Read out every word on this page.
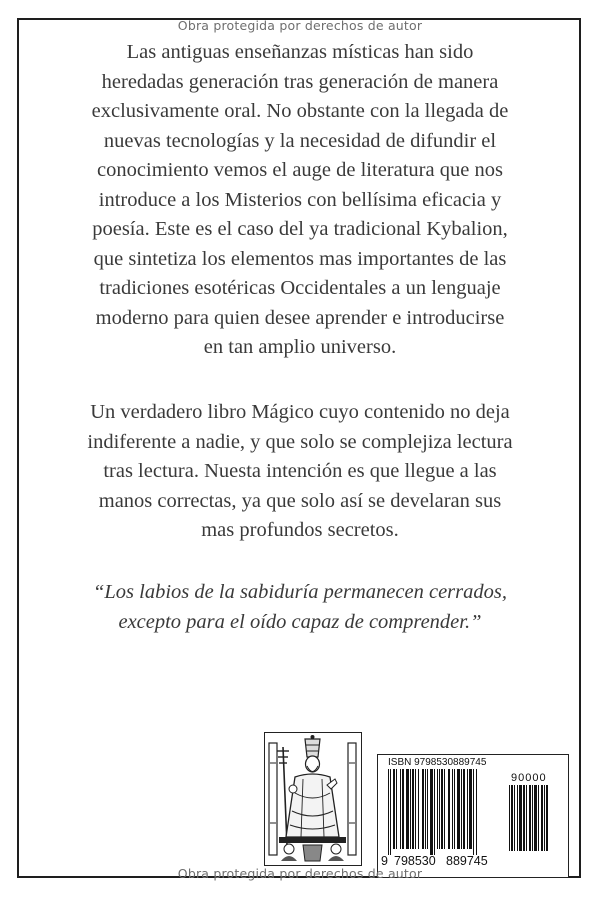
Obra protegida por derechos de autor
Las antiguas enseñanzas místicas han sido
heredadas generación tras generación de manera
exclusivamente oral. No obstante con la llegada de
nuevas tecnologías y la necesidad de difundir el
conocimiento vemos el auge de literatura que nos
introduce a los Misterios con bellísima eficacia y
poesía. Este es el caso del ya tradicional Kybalion,
que sintetiza los elementos mas importantes de las
tradiciones esotéricas Occidentales a un lenguaje
moderno para quien desee aprender e introducirse
en tan amplio universo.
Un verdadero libro Mágico cuyo contenido no deja
indiferente a nadie, y que solo se complejiza lectura
tras lectura. Nuesta intención es que llegue a las
manos correctas, ya que solo así se develaran sus
mas profundos secretos.
“Los labios de la sabiduría permanecen cerrados,
excepto para el oído capaz de comprender.”
ISBN 9798530889745
90000
9 798530 889745
Obra protegida por derechos de autor
